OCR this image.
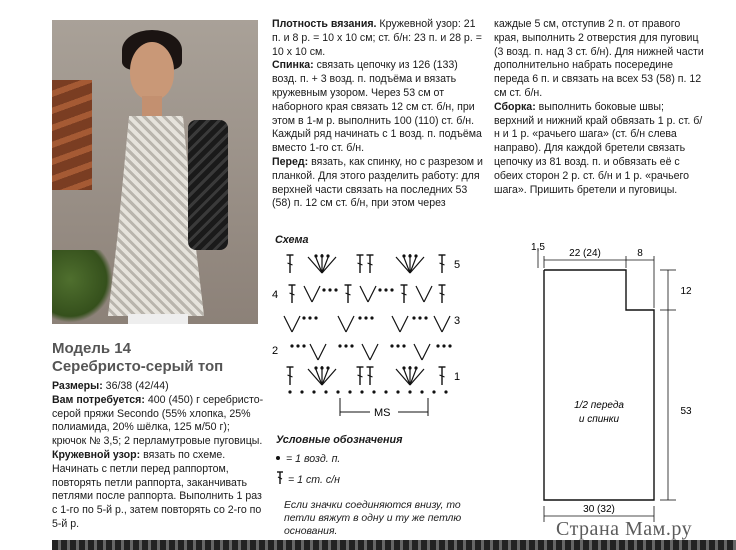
Модель 14
Серебристо-серый топ

Размеры: 36/38 (42/44)

Вам потребуется: 400 (450) г серебристо-серой пряжи Secondo (55% хлопка, 25% полиамида, 20% шёлка, 125 м/50 г); крючок № 3,5; 2 перламутровые пуговицы.

Кружевной узор: вязать по схеме. Начинать с петли перед раппортом, повторять петли раппорта, заканчивать петлями после раппорта. Выполнить 1 раз с 1-го по 5-й р., затем повторять со 2-го по 5-й р.

Плотность вязания. Кружевной узор: 21 п. и 8 р. = 10 х 10 см; ст. б/н: 23 п. и 28 р. = 10 х 10 см.

Спинка: связать цепочку из 126 (133) возд. п. + 3 возд. п. подъёма и вязать кружевным узором. Через 53 см от наборного края связать 12 см ст. б/н, при этом в 1-м р. выполнить 100 (110) ст. б/н. Каждый ряд начинать с 1 возд. п. подъёма вместо 1-го ст. б/н.

Перед: вязать, как спинку, но с разрезом и планкой. Для этого разделить работу: для верхней части связать на последних 53 (58) п. 12 см ст. б/н, при этом через

каждые 5 см, отступив 2 п. от правого края, выполнить 2 отверстия для пуговиц (3 возд. п. над 3 ст. б/н). Для нижней части дополнительно набрать посередине переда 6 п. и связать на всех 53 (58) п. 12 см ст. б/н.

Сборка: выполнить боковые швы; верхний и нижний край обвязать 1 р. ст. б/н и 1 р. «рачьего шага» (ст. б/н слева направо). Для каждой бретели связать цепочку из 81 возд. п. и обвязать её с обеих сторон 2 р. ст. б/н и 1 р. «рачьего шага». Пришить бретели и пуговицы.

Схема
5
4
3
2
1
MS
Условные обозначения
= 1 возд. п.
= 1 ст. с/н
Если значки соединяются внизу, то петли вяжут в одну и ту же петлю основания.
1,5
22 (24)	8
12
53
30 (32)
1/2 переда
и спинки
Страна Мам.ру
